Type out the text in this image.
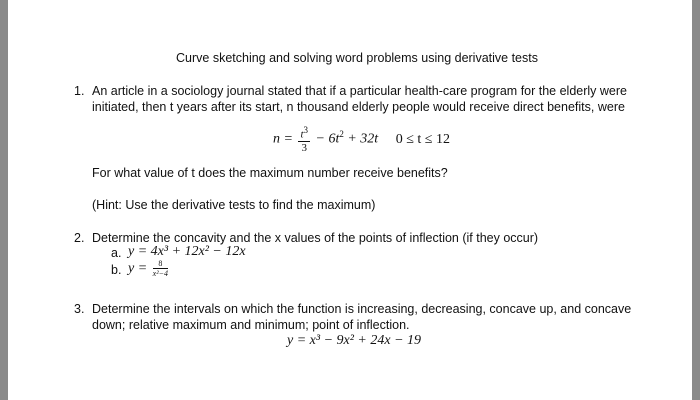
Curve sketching and solving word problems using derivative tests
1. An article in a sociology journal stated that if a particular health-care program for the elderly were
initiated, then t years after its start, n thousand elderly people would receive direct benefits, were
$n = \frac{t^3}{3} - 6t^2 + 32t$ 0 ≤ t ≤ 12
For what value of t does the maximum number receive benefits?
(Hint: Use the derivative tests to find the maximum)
2. Determine the concavity and the x values of the points of inflection (if they occur)
a. y = 4x³ + 12x² − 12x
b. $y = \frac{8}{\text{x²−4}}$
3. Determine the intervals on which the function is increasing, decreasing, concave up, and concave
down; relative maximum and minimum; point of inflection.
y = x³ − 9x² + 24x − 19
